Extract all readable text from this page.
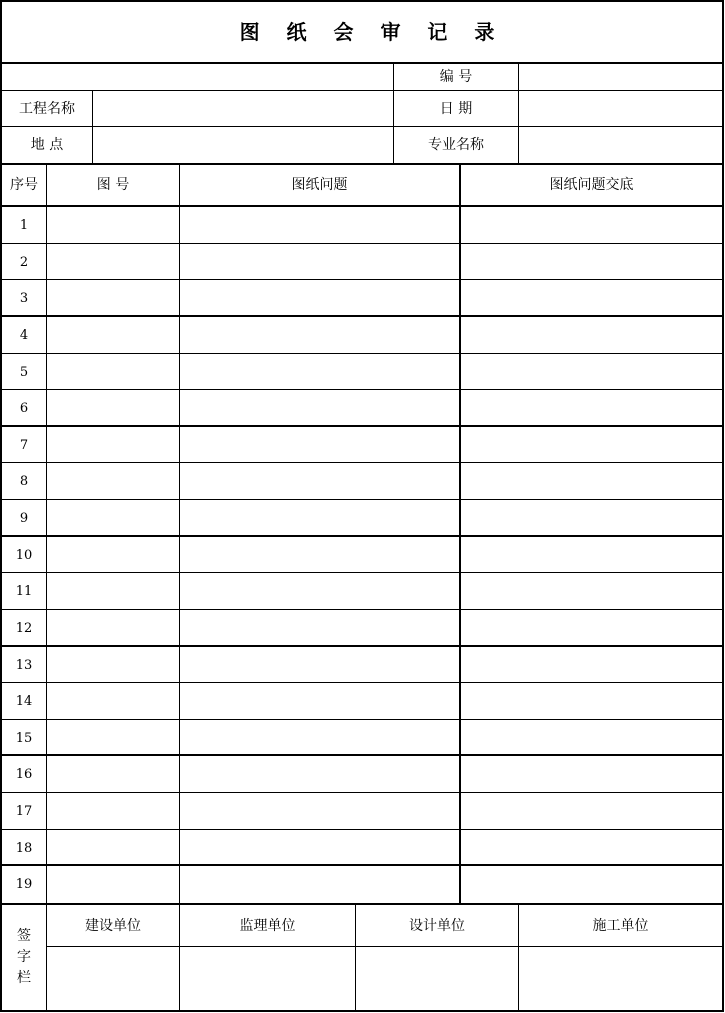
图 纸 会 审 记 录
编 号
工程名称	日 期
地 点	专业名称
序号	图 号	图纸问题	图纸问题交底
1
2
3
4
5
6
7
8
9
10
11
12
13
14
15
16
17
18
19
签
字
栏
建设单位	监理单位	设计单位	施工单位
